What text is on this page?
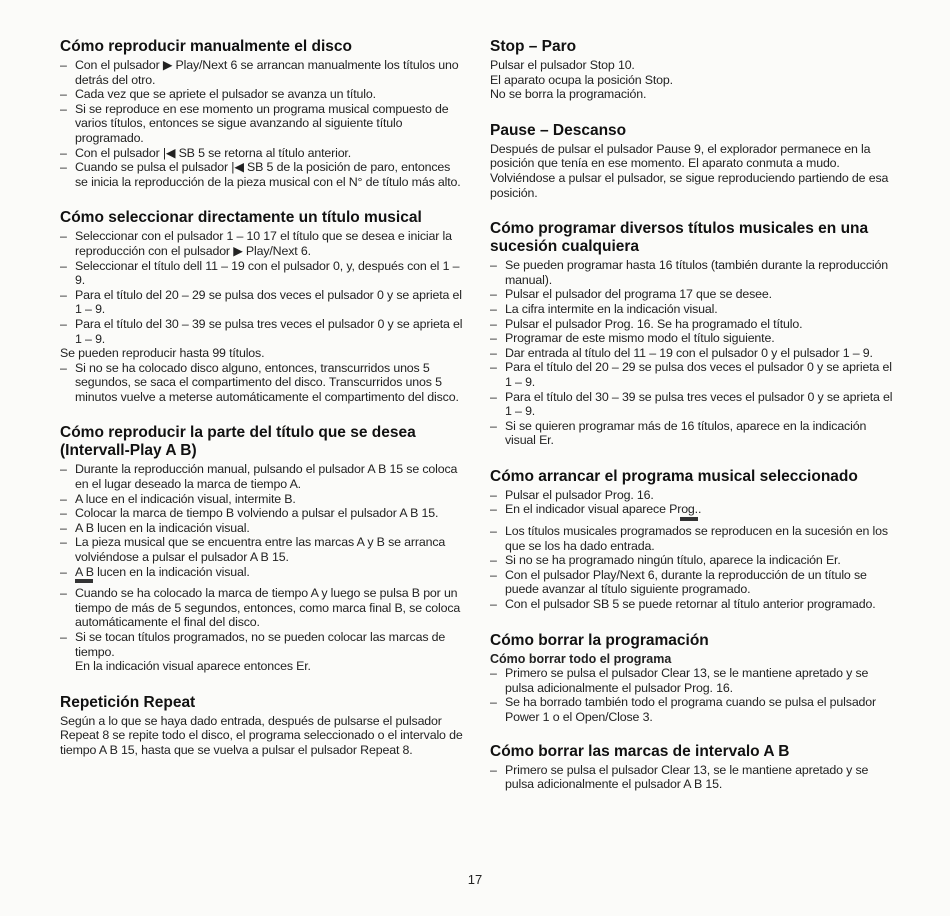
Cómo reproducir manualmente el disco
– Con el pulsador ▶ Play/Next 6 se arrancan manualmente los títulos uno detrás del otro.
– Cada vez que se apriete el pulsador se avanza un título.
– Si se reproduce en ese momento un programa musical compuesto de varios títulos, entonces se sigue avanzando al siguiente título programado.
– Con el pulsador |◀ SB 5 se retorna al título anterior.
– Cuando se pulsa el pulsador |◀ SB 5 de la posición de paro, entonces se inicia la reproducción de la pieza musical con el N° de título más alto.
Cómo seleccionar directamente un título musical
– Seleccionar con el pulsador 1 – 10 17 el título que se desea e iniciar la reproducción con el pulsador ▶ Play/Next 6.
– Seleccionar el título dell 11 – 19 con el pulsador 0, y, después con el 1 – 9.
– Para el título del 20 – 29 se pulsa dos veces el pulsador 0 y se aprieta el 1 – 9.
– Para el título del 30 – 39 se pulsa tres veces el pulsador 0 y se aprieta el 1 – 9.

Se pueden reproducir hasta 99 títulos.

– Si no se ha colocado disco alguno, entonces, transcurridos unos 5 segundos, se saca el compartimento del disco. Transcurridos unos 5 minutos vuelve a meterse automáticamente el compartimento del disco.
Cómo reproducir la parte del título que se desea (Intervall-Play A B)
– Durante la reproducción manual, pulsando el pulsador A B 15 se coloca en el lugar deseado la marca de tiempo A.
– A luce en el indicación visual, intermite B.
– Colocar la marca de tiempo B volviendo a pulsar el pulsador A B 15.
– A B lucen en la indicación visual.
– La pieza musical que se encuentra entre las marcas A y B se arranca volviéndose a pulsar el pulsador A B 15.
– A B lucen en la indicación visual.
– Cuando se ha colocado la marca de tiempo A y luego se pulsa B por un tiempo de más de 5 segundos, entonces, como marca final B, se coloca automáticamente el final del disco.
– Si se tocan títulos programados, no se pueden colocar las marcas de tiempo.

En la indicación visual aparece entonces Er.

Repetición Repeat

Según a lo que se haya dado entrada, después de pulsarse el pulsador Repeat 8 se repite todo el disco, el programa seleccionado o el intervalo de tiempo A B 15, hasta que se vuelva a pulsar el pulsador Repeat 8.

Stop – Paro

Pulsar el pulsador Stop 10.

El aparato ocupa la posición Stop.

No se borra la programación.

Pause – Descanso

Después de pulsar el pulsador Pause 9, el explorador permanece en la posición que tenía en ese momento. El aparato conmuta a mudo. Volviéndose a pulsar el pulsador, se sigue reproduciendo partiendo de esa posición.

Cómo programar diversos títulos musicales en una sucesión cualquiera
– Se pueden programar hasta 16 títulos (también durante la reproducción manual).
– Pulsar el pulsador del programa 17 que se desee.
– La cifra intermite en la indicación visual.
– Pulsar el pulsador Prog. 16. Se ha programado el título.
– Programar de este mismo modo el título siguiente.
– Dar entrada al título del 11 – 19 con el pulsador 0 y el pulsador 1 – 9.
– Para el título del 20 – 29 se pulsa dos veces el pulsador 0 y se aprieta el 1 – 9.
– Para el título del 30 – 39 se pulsa tres veces el pulsador 0 y se aprieta el 1 – 9.
– Si se quieren programar más de 16 títulos, aparece en la indicación visual Er.
Cómo arrancar el programa musical seleccionado
– Pulsar el pulsador Prog. 16.
– En el indicador visual aparece Prog..
– Los títulos musicales programados se reproducen en la sucesión en los que se los ha dado entrada.
– Si no se ha programado ningún título, aparece la indicación Er.
– Con el pulsador Play/Next 6, durante la reproducción de un título se puede avanzar al título siguiente programado.
– Con el pulsador SB 5 se puede retornar al título anterior programado.
Cómo borrar la programación
Cómo borrar todo el programa
– Primero se pulsa el pulsador Clear 13, se le mantiene apretado y se pulsa adicionalmente el pulsador Prog. 16.
– Se ha borrado también todo el programa cuando se pulsa el pulsador Power 1 o el Open/Close 3.
Cómo borrar las marcas de intervalo A B
– Primero se pulsa el pulsador Clear 13, se le mantiene apretado y se pulsa adicionalmente el pulsador A B 15.
17
